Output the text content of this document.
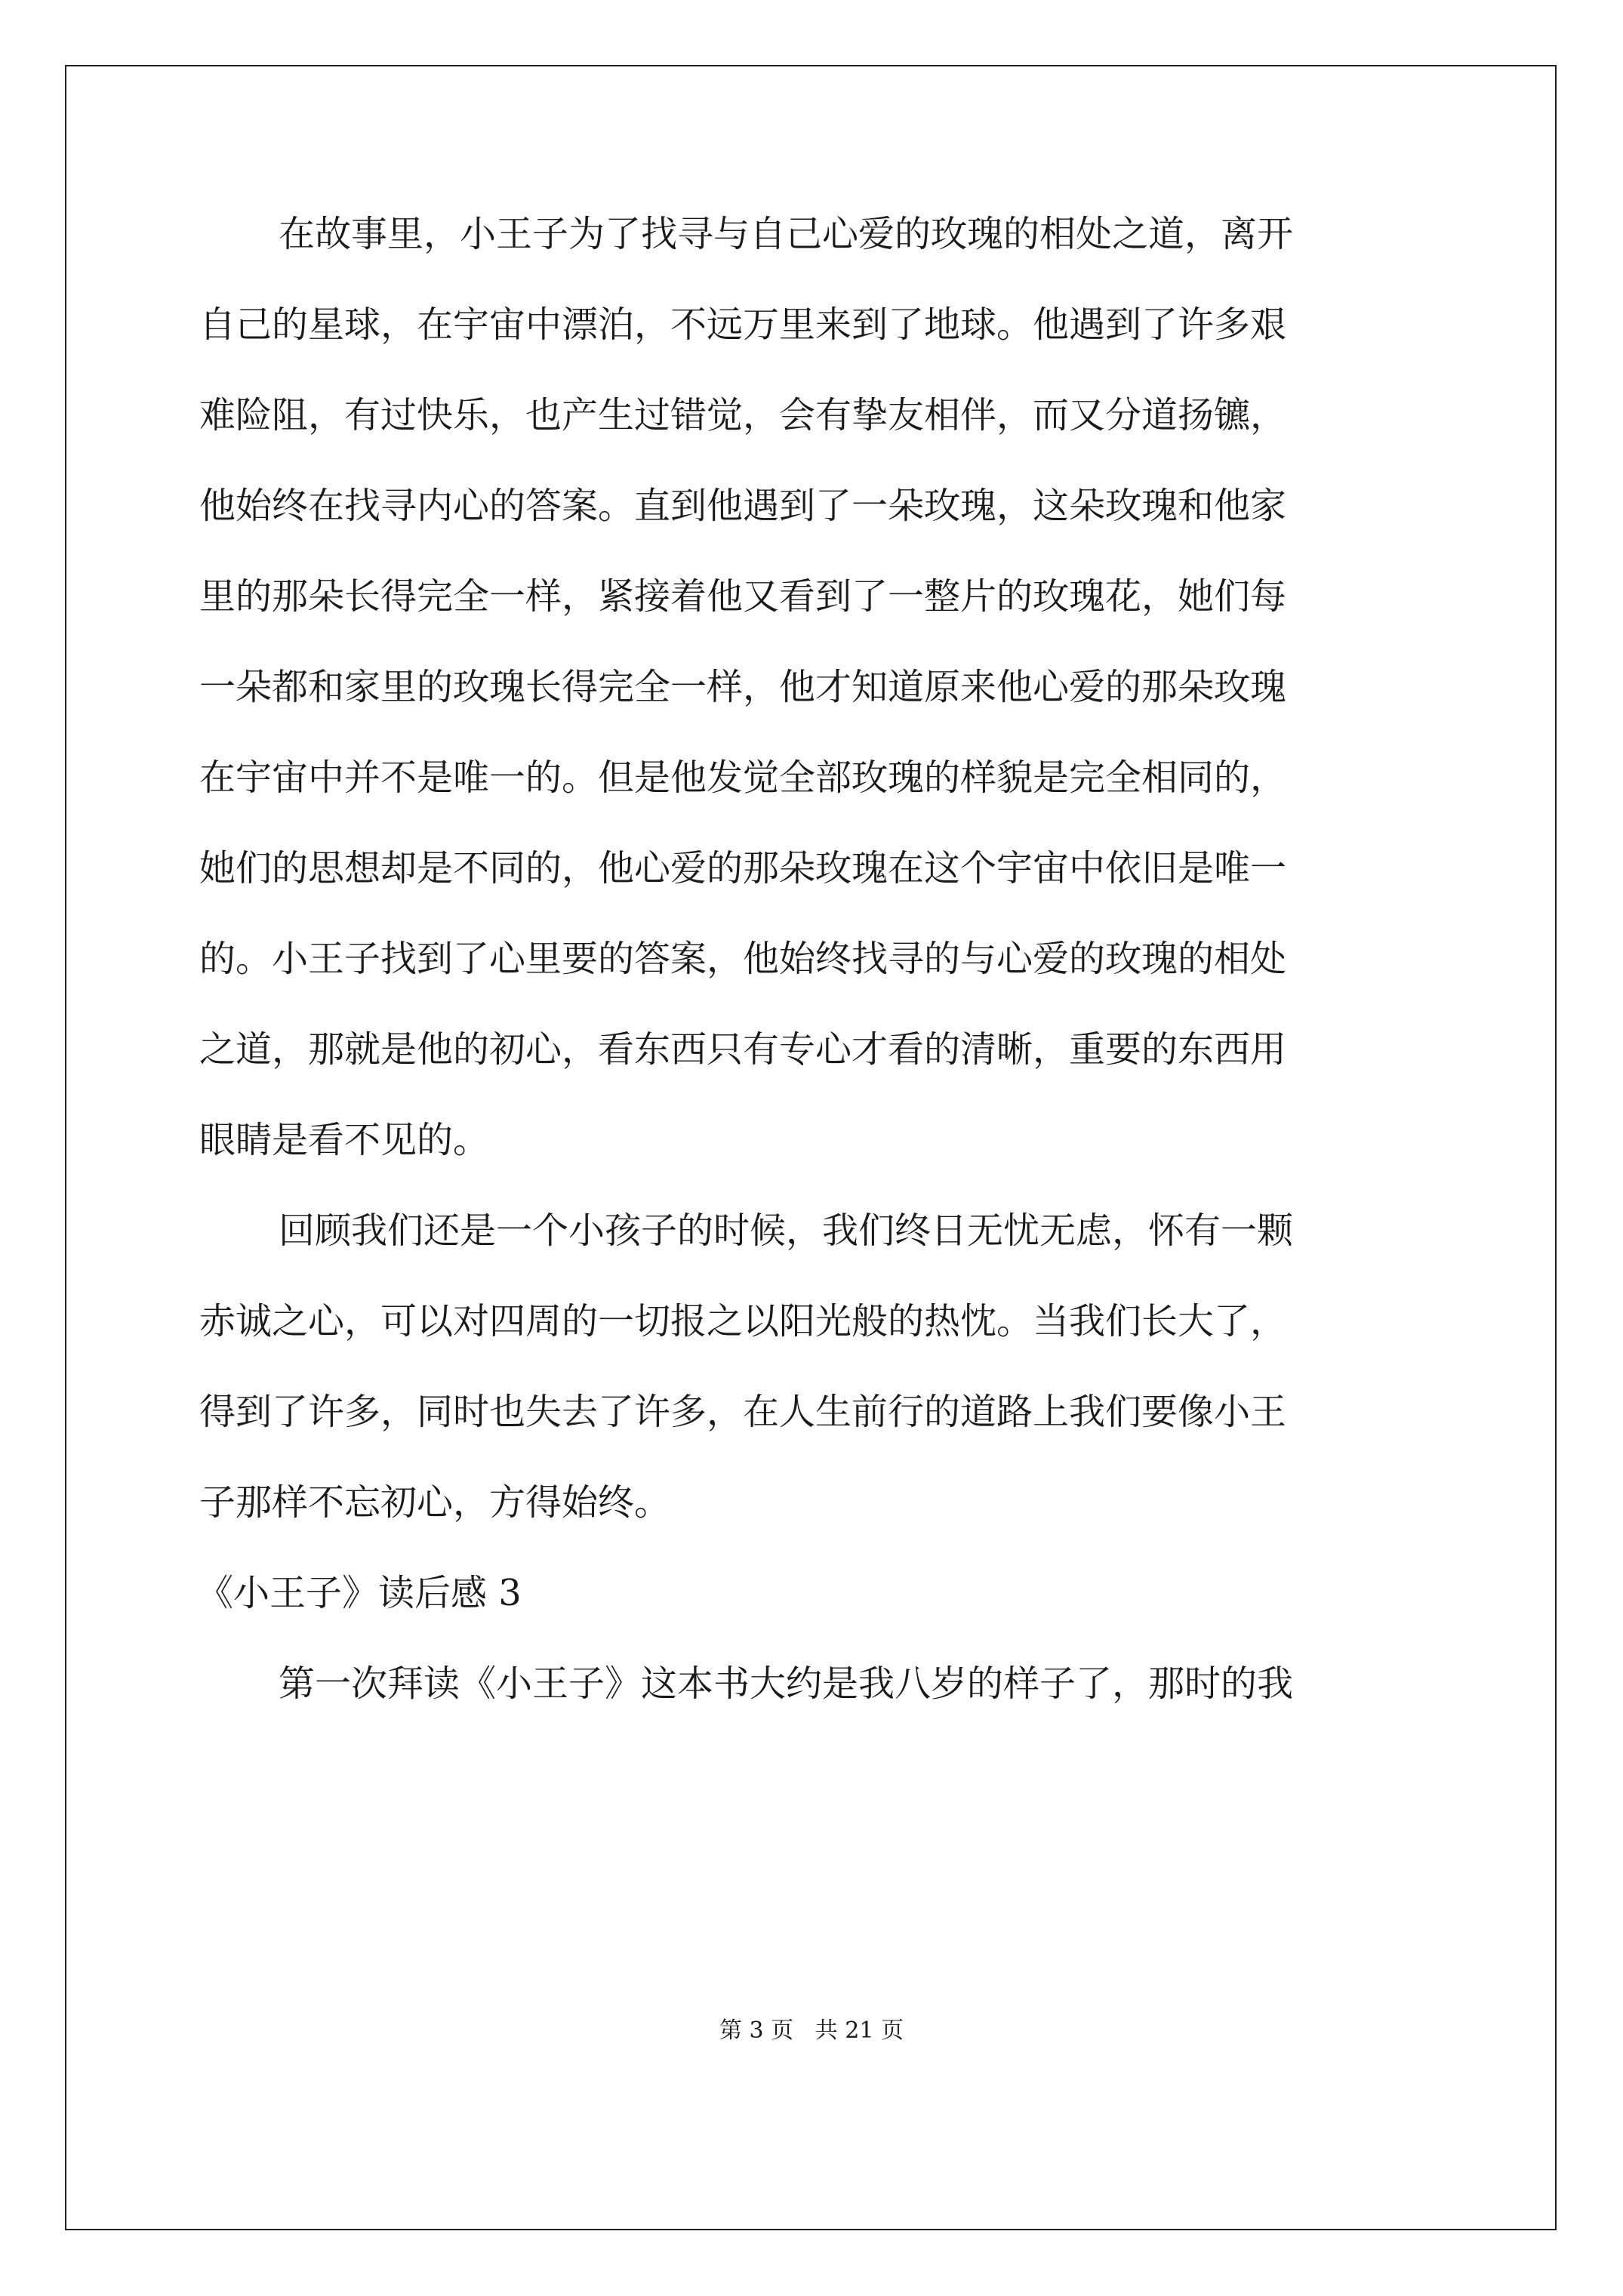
在故事里，小王子为了找寻与自己心爱的玫瑰的相处之道，离开
自己的星球，在宇宙中漂泊，不远万里来到了地球。他遇到了许多艰
难险阻，有过快乐，也产生过错觉，会有挚友相伴，而又分道扬镳，
他始终在找寻内心的答案。直到他遇到了一朵玫瑰，这朵玫瑰和他家
里的那朵长得完全一样，紧接着他又看到了一整片的玫瑰花，她们每
一朵都和家里的玫瑰长得完全一样，他才知道原来他心爱的那朵玫瑰
在宇宙中并不是唯一的。但是他发觉全部玫瑰的样貌是完全相同的，
她们的思想却是不同的，他心爱的那朵玫瑰在这个宇宙中依旧是唯一
的。小王子找到了心里要的答案，他始终找寻的与心爱的玫瑰的相处
之道，那就是他的初心，看东西只有专心才看的清晰，重要的东西用
眼睛是看不见的。
回顾我们还是一个小孩子的时候，我们终日无忧无虑，怀有一颗
赤诚之心，可以对四周的一切报之以阳光般的热忱。当我们长大了，
得到了许多，同时也失去了许多，在人生前行的道路上我们要像小王
子那样不忘初心，方得始终。
《小王子》读后感 3
第一次拜读《小王子》这本书大约是我八岁的样子了，那时的我
第 3 页 共 21 页
